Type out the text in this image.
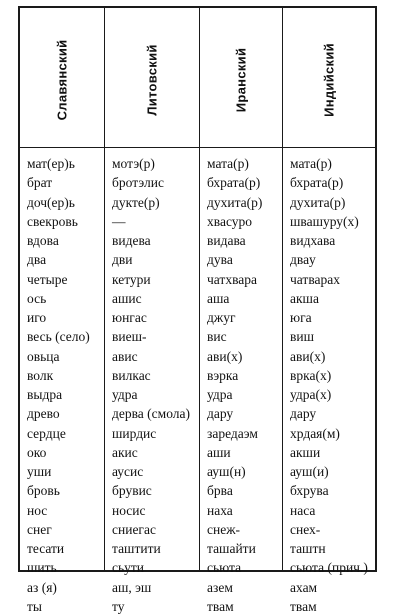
Славянский
мат(ер)ь
брат
доч(ер)ь
свекровь
вдова
два
четыре
ось
иго
весь (село)
овьца
волк
выдра
древо
сердце
око
уши
бровь
нос
снег
тесати
шить
аз (я)
ты
Литовский
мотэ(р)
бротэлис
дукте(р)
—
видева
дви
кетури
ашис
юнгас
виеш-
авис
вилкас
удра
дерва (смола)
ширдис
акис
аусис
брувис
носис
сниегас
таштити
сьути
аш, эш
ту
Иранский
мата(р)
бхрата(р)
духита(р)
хвасуро
видава
дува
чатхвара
аша
джуг
вис
ави(х)
вэрка
удра
дару
заредаэм
аши
ауш(н)
брва
наха
снеж-
ташайти
сьюта
азем
твам
Индийский
мата(р)
бхрата(р)
духита(р)
швашуру(х)
видхава
дваy
чатварах
акша
юга
виш
ави(х)
врка(х)
удра(х)
дару
хрдая(м)
акши
ауш(и)
бхрува
наса
снех-
таштн
сьюта (прич.)
ахам
твам
